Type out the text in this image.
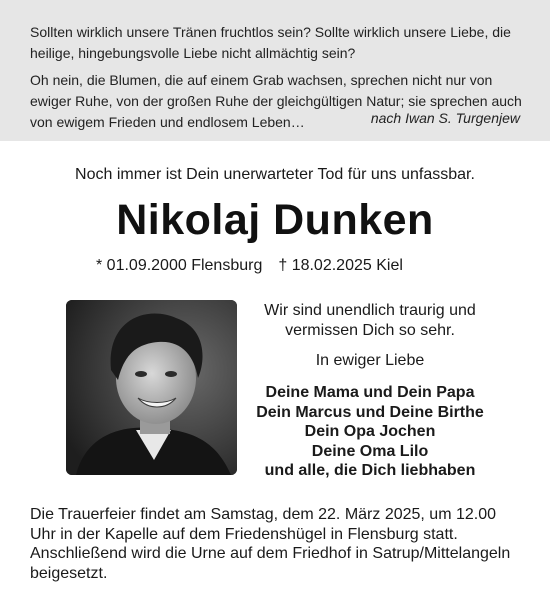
Sollten wirklich unsere Tränen fruchtlos sein? Sollte wirklich unsere Liebe, die heilige, hingebungsvolle Liebe nicht allmächtig sein?

Oh nein, die Blumen, die auf einem Grab wachsen, sprechen nicht nur von ewiger Ruhe, von der großen Ruhe der gleichgültigen Natur; sie sprechen auch von ewigem Frieden und endlosem Leben…	nach Iwan S. Turgenjew
Noch immer ist Dein unerwarteter Tod für uns unfassbar.
Nikolaj Dunken
* 01.09.2000 Flensburg † 18.02.2025 Kiel
Wir sind unendlich traurig und
vermissen Dich so sehr.
In ewiger Liebe
Deine Mama und Dein Papa
Dein Marcus und Deine Birthe
Dein Opa Jochen
Deine Oma Lilo
und alle, die Dich liebhaben

Die Trauerfeier findet am Samstag, dem 22. März 2025, um 12.00 Uhr in der Kapelle auf dem Friedenshügel in Flensburg statt.

Anschließend wird die Urne auf dem Friedhof in Satrup/Mittelangeln beigesetzt.
